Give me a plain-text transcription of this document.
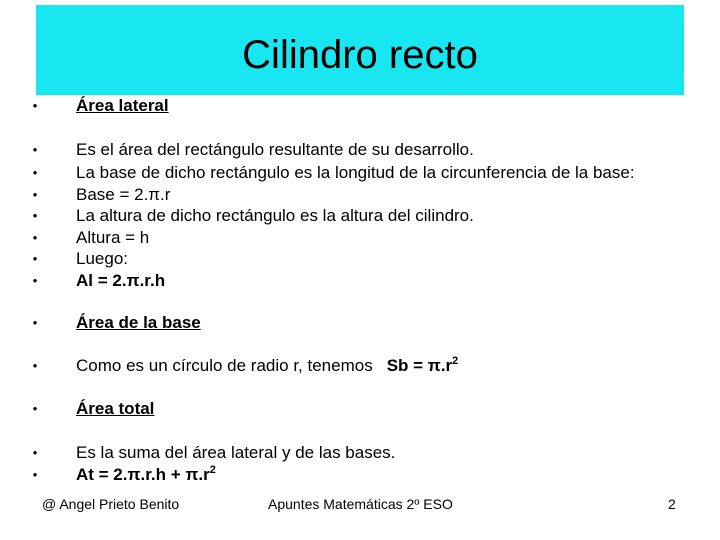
Cilindro recto
• Área lateral
• Es el área del rectángulo resultante de su desarrollo.
• La base de dicho rectángulo es la longitud de la circunferencia de la base:
• Base = 2.π.r
• La altura de dicho rectángulo es la altura del cilindro.
• Altura = h
• Luego:
• Al = 2.π.r.h
• Área de la base
• Como es un círculo de radio r, tenemos $Sb = \pi.r^2$
• Área total
• Es la suma del área lateral y de las bases.
• $At = 2.\pi.r.h + \pi.r^2$
@ Angel Prieto Benito	Apuntes Matemáticas 2º ESO	2
